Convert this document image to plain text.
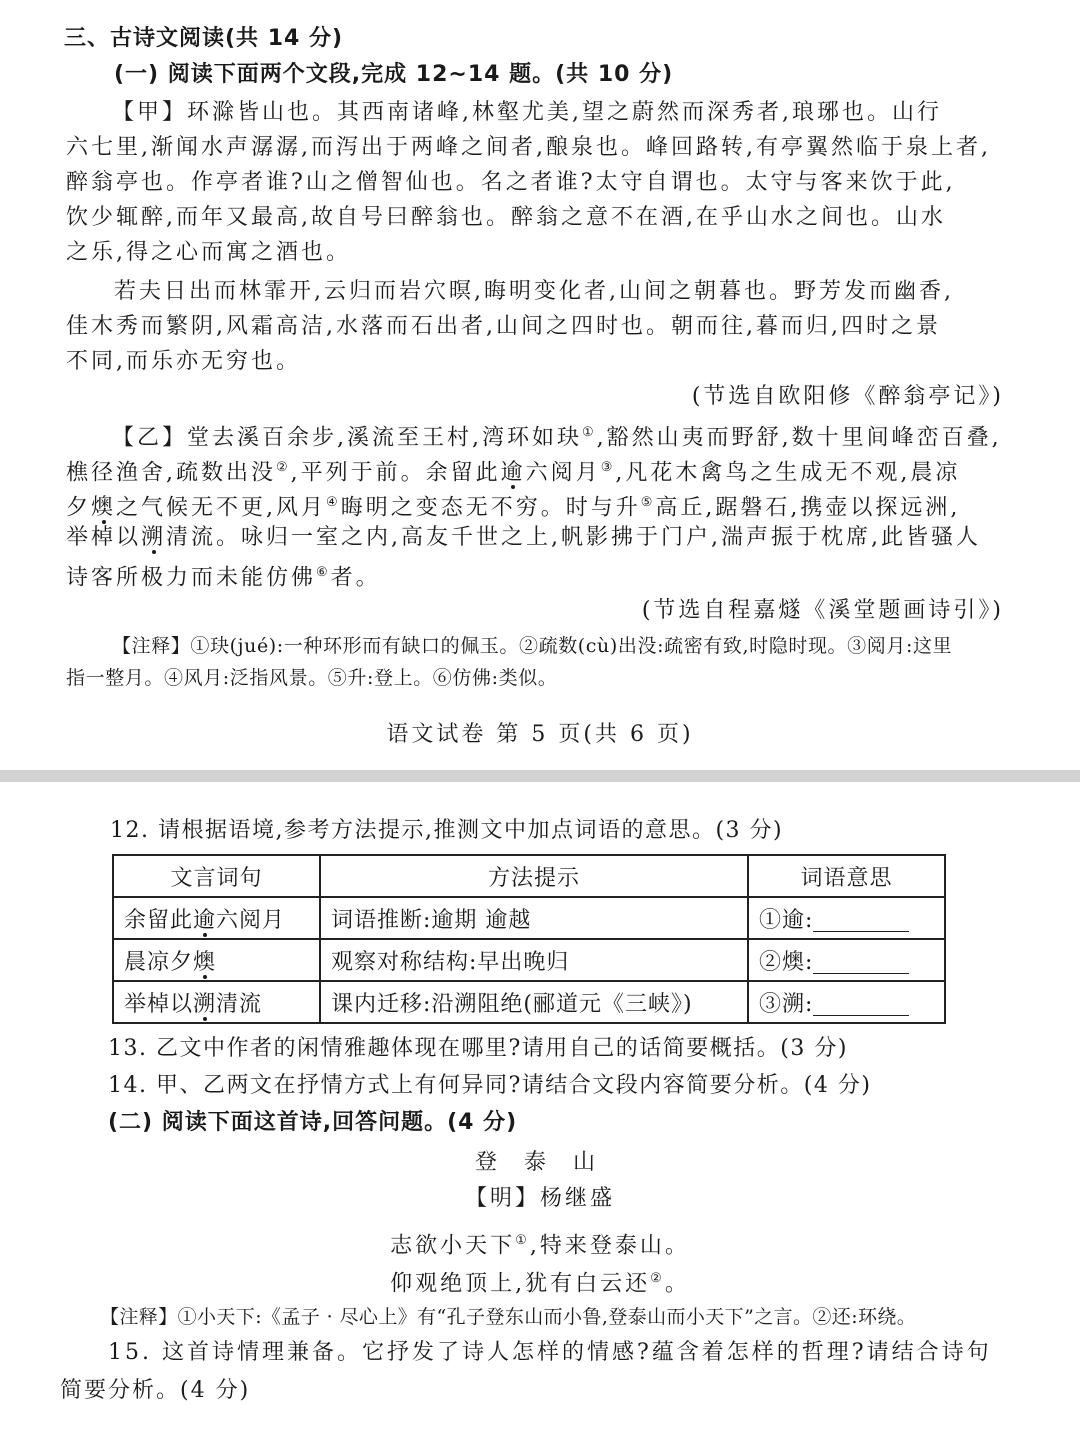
三、古诗文阅读(共 14 分)
(一) 阅读下面两个文段,完成 12~14 题。(共 10 分)
【甲】环滁皆山也。其西南诸峰,林壑尤美,望之蔚然而深秀者,琅琊也。山行
六七里,渐闻水声潺潺,而泻出于两峰之间者,酿泉也。峰回路转,有亭翼然临于泉上者,
醉翁亭也。作亭者谁?山之僧智仙也。名之者谁?太守自谓也。太守与客来饮于此,
饮少辄醉,而年又最高,故自号曰醉翁也。醉翁之意不在酒,在乎山水之间也。山水
之乐,得之心而寓之酒也。
若夫日出而林霏开,云归而岩穴暝,晦明变化者,山间之朝暮也。野芳发而幽香,
佳木秀而繁阴,风霜高洁,水落而石出者,山间之四时也。朝而往,暮而归,四时之景
不同,而乐亦无穷也。
(节选自欧阳修《醉翁亭记》)
【乙】堂去溪百余步,溪流至王村,湾环如玦①,豁然山夷而野舒,数十里间峰峦百叠,
樵径渔舍,疏数出没②,平列于前。余留此逾六阅月③,凡花木禽鸟之生成无不观,晨凉
夕燠之气候无不更,风月④晦明之变态无不穷。时与升⑤高丘,踞磐石,携壶以探远洲,
举棹以溯清流。咏归一室之内,高友千世之上,帆影拂于门户,湍声振于枕席,此皆骚人
诗客所极力而未能仿佛⑥者。
(节选自程嘉燧《溪堂题画诗引》)
【注释】①玦(jué):一种环形而有缺口的佩玉。②疏数(cù)出没:疏密有致,时隐时现。③阅月:这里
指一整月。④风月:泛指风景。⑤升:登上。⑥仿佛:类似。
语文试卷 第 5 页(共 6 页)
12. 请根据语境,参考方法提示,推测文中加点词语的意思。(3 分)
文言词句	方法提示	词语意思
余留此逾六阅月	词语推断:逾期 逾越	①逾:
晨凉夕燠	观察对称结构:早出晚归	②燠:
举棹以溯清流	课内迁移:沿溯阻绝(郦道元《三峡》)	③溯:
13. 乙文中作者的闲情雅趣体现在哪里?请用自己的话简要概括。(3 分)
14. 甲、乙两文在抒情方式上有何异同?请结合文段内容简要分析。(4 分)
(二) 阅读下面这首诗,回答问题。(4 分)
登 泰 山
【明】杨继盛
志欲小天下①,特来登泰山。
仰观绝顶上,犹有白云还②。
【注释】①小天下:《孟子 · 尽心上》有“孔子登东山而小鲁,登泰山而小天下”之言。②还:环绕。
15. 这首诗情理兼备。它抒发了诗人怎样的情感?蕴含着怎样的哲理?请结合诗句
简要分析。(4 分)
